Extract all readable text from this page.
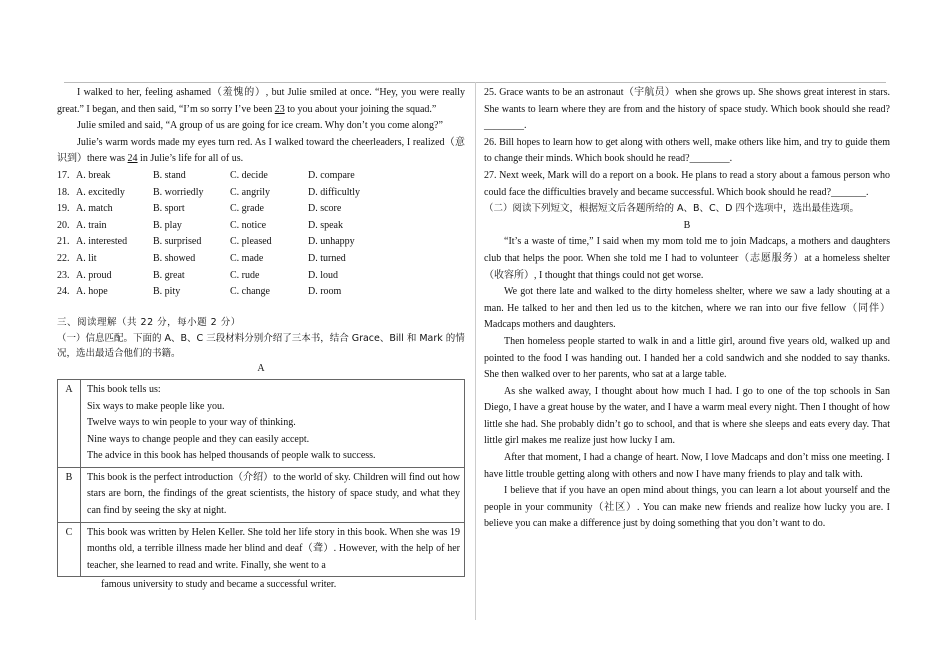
I walked to her, feeling ashamed（羞愧的）, but Julie smiled at once. “Hey, you were really great.” I began, and then said, “I’m so sorry I’ve been 23 to you about your joining the squad.”

Julie smiled and said, “A group of us are going for ice cream. Why don’t you come along?”

Julie’s warm words made my eyes turn red. As I walked toward the cheerleaders, I realized（意识到）there was 24 in Julie’s life for all of us.

17. A. break	B. stand	C. decide	D. compare
18. A. excitedly	B. worriedly	C. angrily	D. difficultly
19. A. match	B. sport	C. grade	D. score
20. A. train	B. play	C. notice	D. speak
21. A. interested	B. surprised	C. pleased	D. unhappy
22. A. lit	B. showed	C. made	D. turned
23. A. proud	B. great	C. rude	D. loud
24. A. hope	B. pity	C. change	D. room
三、阅读理解（共 22 分，每小题 2 分）
（一）信息匹配。下面的 A、B、C 三段材料分别介绍了三本书，结合 Grace、Bill 和 Mark 的情况，选出最适合他们的书籍。
A
A	This book tells us:
Six ways to make people like you.
Twelve ways to win people to your way of thinking.
Nine ways to change people and they can easily accept.
The advice in this book has helped thousands of people walk to success.

B	This book is the perfect introduction（介绍）to the world of sky. Children will find out how stars are born, the findings of the great scientists, the history of space study, and what they can find by seeing the sky at night.
C	This book was written by Helen Keller. She told her life story in this book. When she was 19 months old, a terrible illness made her blind and deaf（聋）. However, with the help of her teacher, she learned to read and write. Finally, she went to a
famous university to study and became a successful writer.

25. Grace wants to be an astronaut（宇航员）when she grows up. She shows great interest in stars. She wants to learn where they are from and the history of space study. Which book should she read?________.

26. Bill hopes to learn how to get along with others well, make others like him, and try to guide them to change their minds. Which book should he read?________.

27. Next week, Mark will do a report on a book. He plans to read a story about a famous person who could face the difficulties bravely and became successful. Which book should he read?_______.

（二）阅读下列短文，根据短文后各题所给的 A、B、C、D 四个选项中，选出最佳选项。
B

“It’s a waste of time,” I said when my mom told me to join Madcaps, a mothers and daughters club that helps the poor. When she told me I had to volunteer（志愿服务）at a homeless shelter（收容所）, I thought that things could not get worse.

We got there late and walked to the dirty homeless shelter, where we saw a lady shouting at a man. He talked to her and then led us to the kitchen, where we ran into our five fellow（同伴）Madcaps mothers and daughters.

Then homeless people started to walk in and a little girl, around five years old, walked up and pointed to the food I was handing out. I handed her a cold sandwich and she nodded to say thanks. She then walked over to her parents, who sat at a large table.

As she walked away, I thought about how much I had. I go to one of the top schools in San Diego, I have a great house by the water, and I have a warm meal every night. Then I thought of how little she had. She probably didn’t go to school, and that is where she sleeps and eats every day. That little girl makes me realize just how lucky I am.

After that moment, I had a change of heart. Now, I love Madcaps and don’t miss one meeting. I have little trouble getting along with others and now I have many friends to play and talk with.

I believe that if you have an open mind about things, you can learn a lot about yourself and the people in your community（社区）. You can make new friends and realize how lucky you are. I believe you can make a difference just by doing something that you don’t want to do.
